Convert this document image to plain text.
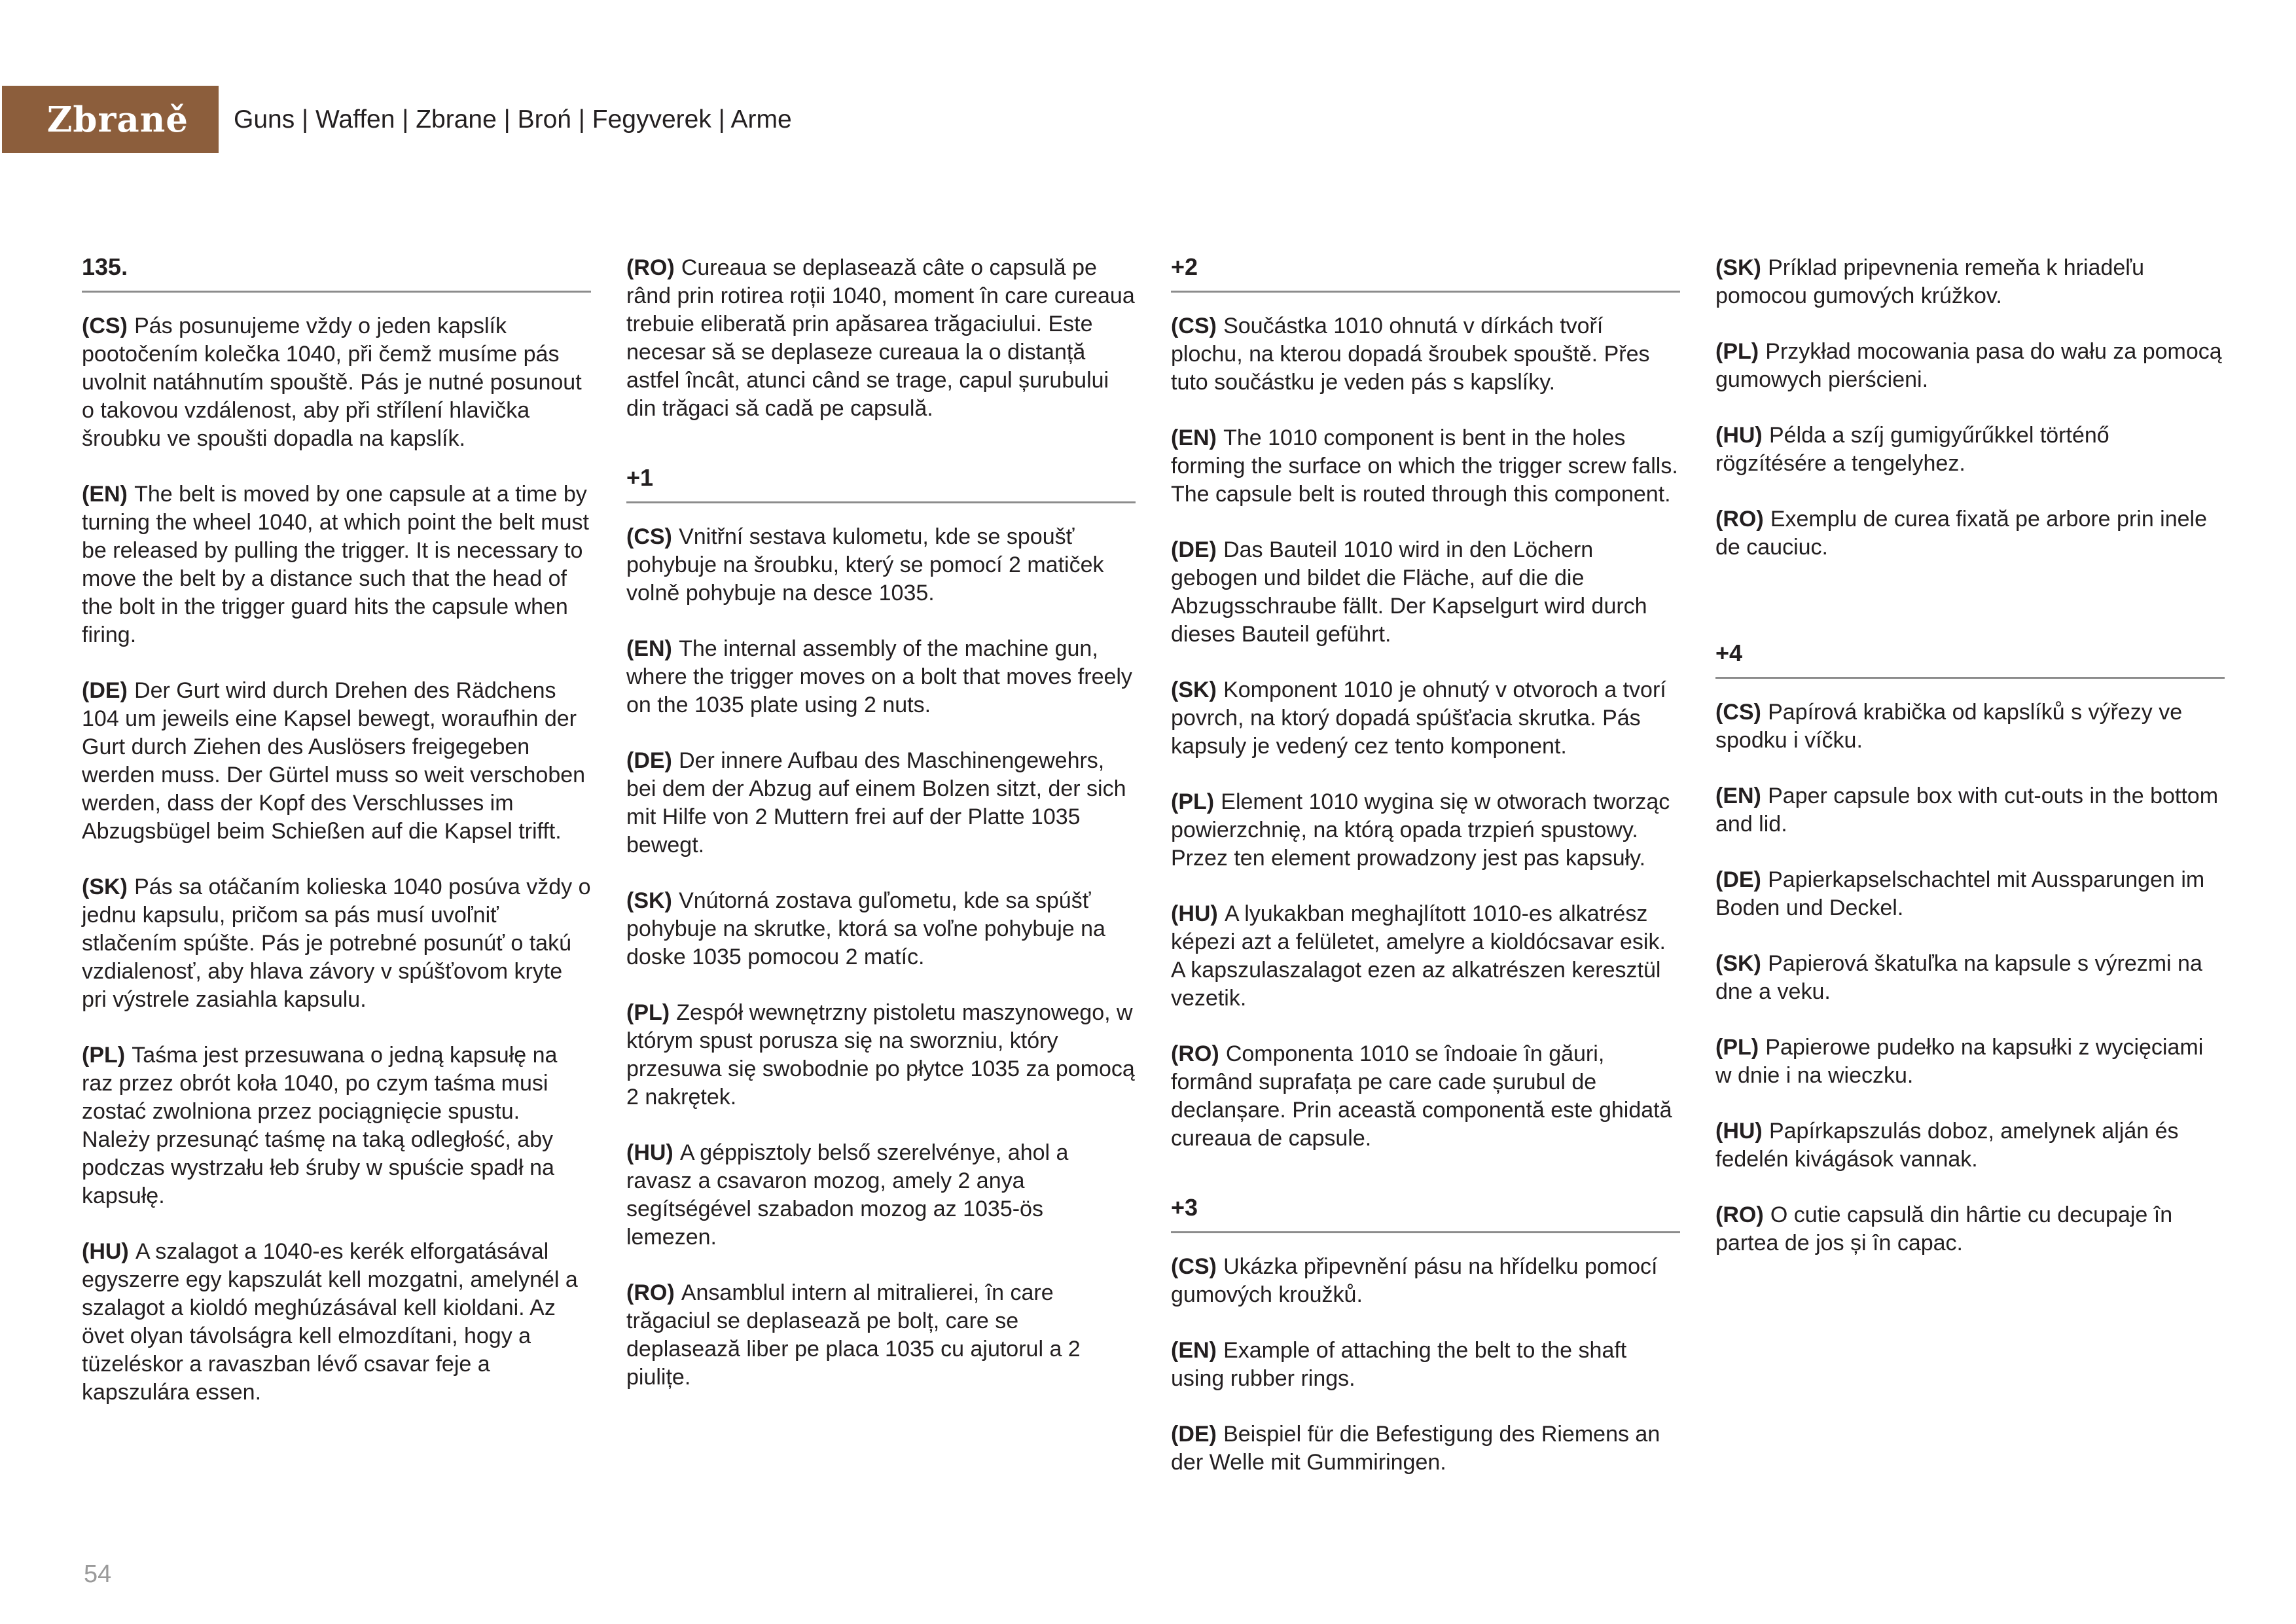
Zbraně	Guns | Waffen | Zbrane | Broń | Fegyverek | Arme
135.

(CS) Pás posunujeme vždy o jeden kapslík pootočením kolečka 1040, při čemž musíme pás uvolnit natáhnutím spouště. Pás je nutné posunout o takovou vzdálenost, aby při střílení hlavička šroubku ve spoušti dopadla na kapslík.

(EN) The belt is moved by one capsule at a time by turning the wheel 1040, at which point the belt must be released by pulling the trigger. It is necessary to move the belt by a distance such that the head of the bolt in the trigger guard hits the capsule when firing.

(DE) Der Gurt wird durch Drehen des Rädchens 104 um jeweils eine Kapsel bewegt, woraufhin der Gurt durch Ziehen des Auslösers freigegeben werden muss. Der Gürtel muss so weit verschoben werden, dass der Kopf des Verschlusses im Abzugsbügel beim Schießen auf die Kapsel trifft.

(SK) Pás sa otáčaním kolieska 1040 posúva vždy o jednu kapsulu, pričom sa pás musí uvoľniť stlačením spúšte. Pás je potrebné posunúť o takú vzdialenosť, aby hlava závory v spúšťovom kryte pri výstrele zasiahla kapsulu.

(PL) Taśma jest przesuwana o jedną kapsułę na raz przez obrót koła 1040, po czym taśma musi zostać zwolniona przez pociągnięcie spustu. Należy przesunąć taśmę na taką odległość, aby podczas wystrzału łeb śruby w spuście spadł na kapsułę.

(HU) A szalagot a 1040-es kerék elforgatásával egyszerre egy kapszulát kell mozgatni, amelynél a szalagot a kioldó meghúzásával kell kioldani. Az övet olyan távolságra kell elmozdítani, hogy a tüzeléskor a ravaszban lévő csavar feje a kapszulára essen.

(RO) Cureaua se deplasează câte o capsulă pe rând prin rotirea roții 1040, moment în care cureaua trebuie eliberată prin apăsarea trăgaciului. Este necesar să se deplaseze cureaua la o distanță astfel încât, atunci când se trage, capul șurubului din trăgaci să cadă pe capsulă.

+1

(CS) Vnitřní sestava kulometu, kde se spoušť pohybuje na šroubku, který se pomocí 2 matiček volně pohybuje na desce 1035.

(EN) The internal assembly of the machine gun, where the trigger moves on a bolt that moves freely on the 1035 plate using 2 nuts.

(DE) Der innere Aufbau des Maschinengewehrs, bei dem der Abzug auf einem Bolzen sitzt, der sich mit Hilfe von 2 Muttern frei auf der Platte 1035 bewegt.

(SK) Vnútorná zostava guľometu, kde sa spúšť pohybuje na skrutke, ktorá sa voľne pohybuje na doske 1035 pomocou 2 matíc.

(PL) Zespół wewnętrzny pistoletu maszynowego, w którym spust porusza się na sworzniu, który przesuwa się swobodnie po płytce 1035 za pomocą 2 nakrętek.

(HU) A géppisztoly belső szerelvénye, ahol a ravasz a csavaron mozog, amely 2 anya segítségével szabadon mozog az 1035-ös lemezen.

(RO) Ansamblul intern al mitralierei, în care trăgaciul se deplasează pe bolț, care se deplasează liber pe placa 1035 cu ajutorul a 2 piulițe.

+2

(CS) Součástka 1010 ohnutá v dírkách tvoří plochu, na kterou dopadá šroubek spouště. Přes tuto součástku je veden pás s kapslíky.

(EN) The 1010 component is bent in the holes forming the surface on which the trigger screw falls. The capsule belt is routed through this component.

(DE) Das Bauteil 1010 wird in den Löchern gebogen und bildet die Fläche, auf die die Abzugsschraube fällt. Der Kapselgurt wird durch dieses Bauteil geführt.

(SK) Komponent 1010 je ohnutý v otvoroch a tvorí povrch, na ktorý dopadá spúšťacia skrutka. Pás kapsuly je vedený cez tento komponent.

(PL) Element 1010 wygina się w otworach tworząc powierzchnię, na którą opada trzpień spustowy. Przez ten element prowadzony jest pas kapsuły.

(HU) A lyukakban meghajlított 1010-es alkatrész képezi azt a felületet, amelyre a kioldócsavar esik. A kapszulaszalagot ezen az alkatrészen keresztül vezetik.

(RO) Componenta 1010 se îndoaie în găuri, formând suprafața pe care cade șurubul de declanșare. Prin această componentă este ghidată cureaua de capsule.

+3

(CS) Ukázka připevnění pásu na hřídelku pomocí gumových kroužků.

(EN) Example of attaching the belt to the shaft using rubber rings.

(DE) Beispiel für die Befestigung des Riemens an der Welle mit Gummiringen.

(SK) Príklad pripevnenia remeňa k hriadeľu pomocou gumových krúžkov.

(PL) Przykład mocowania pasa do wału za pomocą gumowych pierścieni.

(HU) Példa a szíj gumigyűrűkkel történő rögzítésére a tengelyhez.

(RO) Exemplu de curea fixată pe arbore prin inele de cauciuc.

+4

(CS) Papírová krabička od kapslíků s výřezy ve spodku i víčku.

(EN) Paper capsule box with cut-outs in the bottom and lid.

(DE) Papierkapselschachtel mit Aussparungen im Boden und Deckel.

(SK) Papierová škatuľka na kapsule s výrezmi na dne a veku.

(PL) Papierowe pudełko na kapsułki z wycięciami w dnie i na wieczku.

(HU) Papírkapszulás doboz, amelynek alján és fedelén kivágások vannak.

(RO) O cutie capsulă din hârtie cu decupaje în partea de jos și în capac.

54
